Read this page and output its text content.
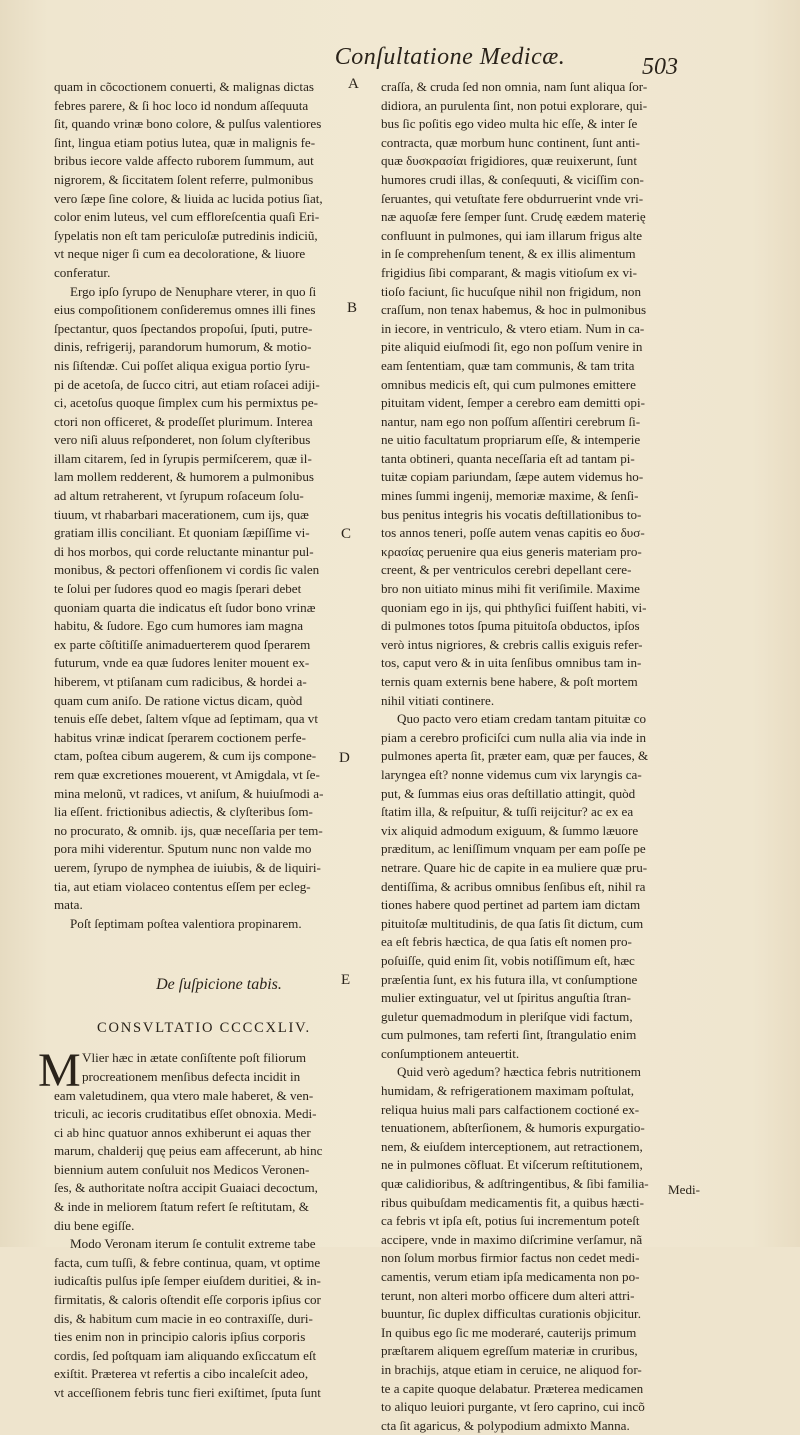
Conſultatione Medicæ.	503
A
B
C
D
E
quam in cõcoctionem conuerti, & malignas dictas
febres parere, & ſi hoc loco id nondum aſſequuta
ſit, quando vrinæ bono colore, & pulſus valentiores
ſint, lingua etiam potius lutea, quæ in malignis fe-
bribus iecore valde affecto ruborem ſummum, aut
nigrorem, & ſiccitatem ſolent referre, pulmonibus
vero ſæpe ſine colore, & liuida ac lucida potius ſiat,
color enim luteus, vel cum effloreſcentia quaſi Eri-
ſypelatis non eſt tam periculoſæ putredinis indiciũ,
vt neque niger ſi cum ea decoloratione, & liuore
conferatur.
Ergo ipſo ſyrupo de Nenuphare vterer, in quo ſi
eius compoſitionem conſideremus omnes illi fines
ſpectantur, quos ſpectandos propoſui, ſputi, putre-
dinis, refrigerij, parandorum humorum, & motio-
nis ſiſtendæ. Cui poſſet aliqua exigua portio ſyru-
pi de acetoſa, de ſucco citri, aut etiam roſacei adiji-
ci, acetoſus quoque ſimplex cum his permixtus pe-
ctori non officeret, & prodeſſet plurimum. Interea
vero niſi aluus reſponderet, non ſolum clyſteribus
illam citarem, ſed in ſyrupis permiſcerem, quæ il-
lam mollem redderent, & humorem a pulmonibus
ad altum retraherent, vt ſyrupum roſaceum ſolu-
tiuum, vt rhabarbari macerationem, cum ijs, quæ
gratiam illis conciliant. Et quoniam ſæpiſſime vi-
di hos morbos, qui corde reluctante minantur pul-
monibus, & pectori offenſionem vi cordis ſic valen
te ſolui per ſudores quod eo magis ſperari debet
quoniam quarta die indicatus eſt ſudor bono vrinæ
habitu, & ſudore. Ego cum humores iam magna
ex parte cõſtitiſſe animaduerterem quod ſperarem
futurum, vnde ea quæ ſudores leniter mouent ex-
hiberem, vt ptiſanam cum radicibus, & hordei a-
quam cum aniſo. De ratione victus dicam, quòd
tenuis eſſe debet, ſaltem vſque ad ſeptimam, qua vt
habitus vrinæ indicat ſperarem coctionem perfe-
ctam, poſtea cibum augerem, & cum ijs compone-
rem quæ excretiones mouerent, vt Amigdala, vt ſe-
mina melonũ, vt radices, vt aniſum, & huiuſmodi a-
lia eſſent. frictionibus adiectis, & clyſteribus ſom-
no procurato, & omnib. ijs, quæ neceſſaria per tem-
pora mihi viderentur. Sputum nunc non valde mo
uerem, ſyrupo de nymphea de iuiubis, & de liquiri-
tia, aut etiam violaceo contentus eſſem per ecleg-
mata.
Poſt ſeptimam poſtea valentiora propinarem.
De ſuſpicione tabis.
CONSVLTATIO CCCCXLIV.
M Vlier hæc in ætate conſiſtente poſt filiorum
procreationem menſibus defecta incidit in
eam valetudinem, qua vtero male haberet, & ven-
triculi, ac iecoris cruditatibus eſſet obnoxia. Medi-
ci ab hinc quatuor annos exhiberunt ei aquas ther
marum, chalderij quę peius eam affecerunt, ab hinc
biennium autem conſuluit nos Medicos Veronen-
ſes, & authoritate noſtra accipit Guaiaci decoctum,
& inde in meliorem ſtatum refert ſe reſtitutam, &
diu bene egiſſe.
Modo Veronam iterum ſe contulit extreme tabe
facta, cum tuſſi, & febre continua, quam, vt optime
iudicaſtis pulſus ipſe ſemper eiuſdem duritiei, & in-
firmitatis, & caloris oſtendit eſſe corporis ipſius cor
dis, & habitum cum macie in eo contraxiſſe, duri-
ties enim non in principio caloris ipſius corporis
cordis, ſed poſtquam iam aliquando exſiccatum eſt
exiſtit. Præterea vt refertis a cibo incaleſcit adeo,
vt acceſſionem febris tunc fieri exiſtimet, ſputa ſunt
craſſa, & cruda ſed non omnia, nam ſunt aliqua ſor-
didiora, an purulenta ſint, non potui explorare, qui-
bus ſic poſitis ego video multa hic eſſe, & inter ſe
contracta, quæ morbum hunc continent, ſunt anti-
quæ δυσκρασίαι frigidiores, quæ reuixerunt, ſunt
humores crudi illas, & conſequuti, & viciſſim con-
ſeruantes, qui vetuſtate fere obdurruerint vnde vri-
næ aquoſæ fere ſemper ſunt. Crudę eædem materię
confluunt in pulmones, qui iam illarum frigus alte
in ſe comprehenſum tenent, & ex illis alimentum
frigidius ſibi comparant, & magis vitioſum ex vi-
tioſo faciunt, ſic hucuſque nihil non frigidum, non
craſſum, non tenax habemus, & hoc in pulmonibus
in iecore, in ventriculo, & vtero etiam. Num in ca-
pite aliquid eiuſmodi ſit, ego non poſſum venire in
eam ſententiam, quæ tam communis, & tam trita
omnibus medicis eſt, qui cum pulmones emittere
pituitam vident, ſemper a cerebro eam demitti opi-
nantur, nam ego non poſſum aſſentiri cerebrum ſi-
ne uitio facultatum propriarum eſſe, & intemperie
tanta obtineri, quanta neceſſaria eſt ad tantam pi-
tuitæ copiam pariundam, ſæpe autem videmus ho-
mines ſummi ingenij, memoriæ maxime, & ſenſi-
bus penitus integris his vocatis deſtillationibus to-
tos annos teneri, poſſe autem venas capitis eo δυσ-
κρασίας peruenire qua eius generis materiam pro-
creent, & per ventriculos cerebri depellant cere-
bro non uitiato minus mihi fit veriſimile. Maxime
quoniam ego in ijs, qui phthyſici fuiſſent habiti, vi-
di pulmones totos ſpuma pituitoſa obductos, ipſos
verò intus nigriores, & crebris callis exiguis refer-
tos, caput vero & in uita ſenſibus omnibus tam in-
ternis quam externis bene habere, & poſt mortem
nihil vitiati continere.
Quo pacto vero etiam credam tantam pituitæ co
piam a cerebro proficiſci cum nulla alia via inde in
pulmones aperta ſit, præter eam, quæ per fauces, &
laryngea eſt? nonne videmus cum vix laryngis ca-
put, & ſummas eius oras deſtillatio attingit, quòd
ſtatim illa, & reſpuitur, & tuſſi reijcitur? ac ex ea
vix aliquid admodum exiguum, & ſummo læuore
præditum, ac leniſſimum vnquam per eam poſſe pe
netrare. Quare hic de capite in ea muliere quæ pru-
dentiſſima, & acribus omnibus ſenſibus eſt, nihil ra
tiones habere quod pertinet ad partem iam dictam
pituitoſæ multitudinis, de qua ſatis ſit dictum, cum
ea eſt febris hæctica, de qua ſatis eſt nomen pro-
poſuiſſe, quid enim ſit, vobis notiſſimum eſt, hæc
præſentia ſunt, ex his futura illa, vt conſumptione
mulier extinguatur, vel ut ſpiritus anguſtia ſtran-
guletur quemadmodum in pleriſque vidi factum,
cum pulmones, tam referti ſint, ſtrangulatio enim
conſumptionem anteuertit.
Quid verò agedum? hæctica febris nutritionem
humidam, & refrigerationem maximam poſtulat,
reliqua huius mali pars calfactionem coctioné ex-
tenuationem, abſterſionem, & humoris expurgatio-
nem, & eiuſdem interceptionem, aut retractionem,
ne in pulmones cõfluat. Et viſcerum reſtitutionem,
quæ calidioribus, & adſtringentibus, & ſibi familia-
ribus quibuſdam medicamentis fit, a quibus hæcti-
ca febris vt ipſa eſt, potius ſui incrementum poteſt
accipere, vnde in maximo diſcrimine verſamur, nã
non ſolum morbus firmior factus non cedet medi-
camentis, verum etiam ipſa medicamenta non po-
terunt, non alteri morbo officere dum alteri attri-
buuntur, ſic duplex difficultas curationis objicitur.
In quibus ego ſic me moderaré, cauterijs primum
præſtarem aliquem egreſſum materiæ in cruribus,
in brachijs, atque etiam in ceruice, ne aliquod for-
te a capite quoque delabatur. Præterea medicamen
to aliquo leuiori purgante, vt ſero caprino, cui incõ
cta ſit agaricus, & polypodium admixto Manna.
Medi-
